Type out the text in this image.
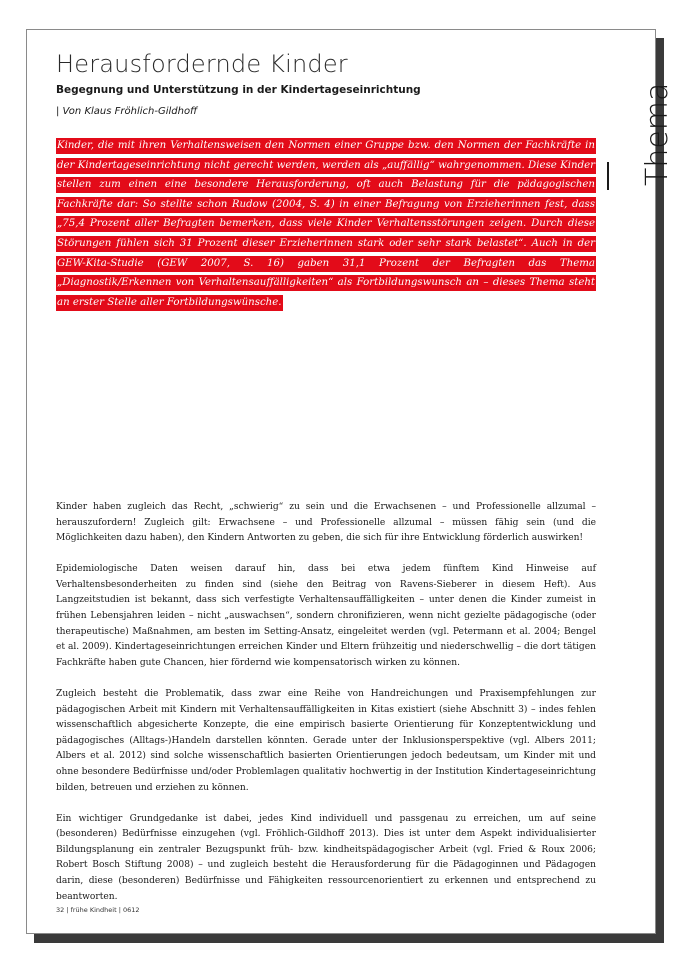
Herausfordernde Kinder
Begegnung und Unterstützung in der Kindertageseinrichtung
| Von Klaus Fröhlich-Gildhoff	Thema
Kinder, die mit ihren Verhaltensweisen den Normen einer Gruppe bzw. den Normen der Fachkräfte in der Kindertageseinrichtung nicht gerecht werden, werden als „auffällig“ wahrgenommen. Diese Kinder stellen zum einen eine besondere Herausforderung, oft auch Belastung für die pädagogischen Fachkräfte dar: So stellte schon Rudow (2004, S. 4) in einer Befragung von Erzieherinnen fest, dass „75,4 Prozent aller Befragten bemerken, dass viele Kinder Verhaltensstörungen zeigen. Durch diese Störungen fühlen sich 31 Prozent dieser Erzieherinnen stark oder sehr stark belastet“. Auch in der GEW-Kita-Studie (GEW 2007, S. 16) gaben 31,1 Prozent der Befragten das Thema „Diagnostik/Erkennen von Verhaltensauffälligkeiten“ als Fortbildungswunsch an – dieses Thema steht an erster Stelle aller Fortbildungswünsche.

Kinder haben zugleich das Recht, „schwierig“ zu sein und die Erwachsenen – und Professionelle allzumal – herauszufordern! Zugleich gilt: Erwachsene – und Professionelle allzumal – müssen fähig sein (und die Möglichkeiten dazu haben), den Kindern Antworten zu geben, die sich für ihre Entwicklung förderlich auswirken!

Epidemiologische Daten weisen darauf hin, dass bei etwa jedem fünftem Kind Hinweise auf Verhaltensbesonderheiten zu finden sind (siehe den Beitrag von Ravens-Sieberer in diesem Heft). Aus Langzeitstudien ist bekannt, dass sich verfestigte Verhaltensauffälligkeiten – unter denen die Kinder zumeist in frühen Lebensjahren leiden – nicht „auswachsen“, sondern chronifizieren, wenn nicht gezielte pädagogische (oder therapeutische) Maßnahmen, am besten im Setting-Ansatz, eingeleitet werden (vgl. Petermann et al. 2004; Bengel et al. 2009). Kindertageseinrichtungen erreichen Kinder und Eltern frühzeitig und niederschwellig – die dort tätigen Fachkräfte haben gute Chancen, hier fördernd wie kompensatorisch wirken zu können.

Zugleich besteht die Problematik, dass zwar eine Reihe von Handreichungen und Praxisempfehlungen zur pädagogischen Arbeit mit Kindern mit Verhaltensauffälligkeiten in Kitas existiert (siehe Abschnitt 3) – indes fehlen wissenschaftlich abgesicherte Konzepte, die eine empirisch basierte Orientierung für Konzeptentwicklung und pädagogisches (Alltags-)Handeln darstellen könnten. Gerade unter der Inklusionsperspektive (vgl. Albers 2011; Albers et al. 2012) sind solche wissenschaftlich basierten Orientierungen jedoch bedeutsam, um Kinder mit und ohne besondere Bedürfnisse und/oder Problemlagen qualitativ hochwertig in der Institution Kindertageseinrichtung bilden, betreuen und erziehen zu können.

Ein wichtiger Grundgedanke ist dabei, jedes Kind individuell und passgenau zu erreichen, um auf seine (besonderen) Bedürfnisse einzugehen (vgl. Fröhlich-Gildhoff 2013). Dies ist unter dem Aspekt individualisierter Bildungsplanung ein zentraler Bezugspunkt früh- bzw. kindheitspädagogischer Arbeit (vgl. Fried & Roux 2006; Robert Bosch Stiftung 2008) – und zugleich besteht die Herausforderung für die Pädagoginnen und Pädagogen darin, diese (besonderen) Bedürfnisse und Fähigkeiten ressourcenorientiert zu erkennen und entsprechend zu beantworten.

32 | frühe Kindheit | 0612
